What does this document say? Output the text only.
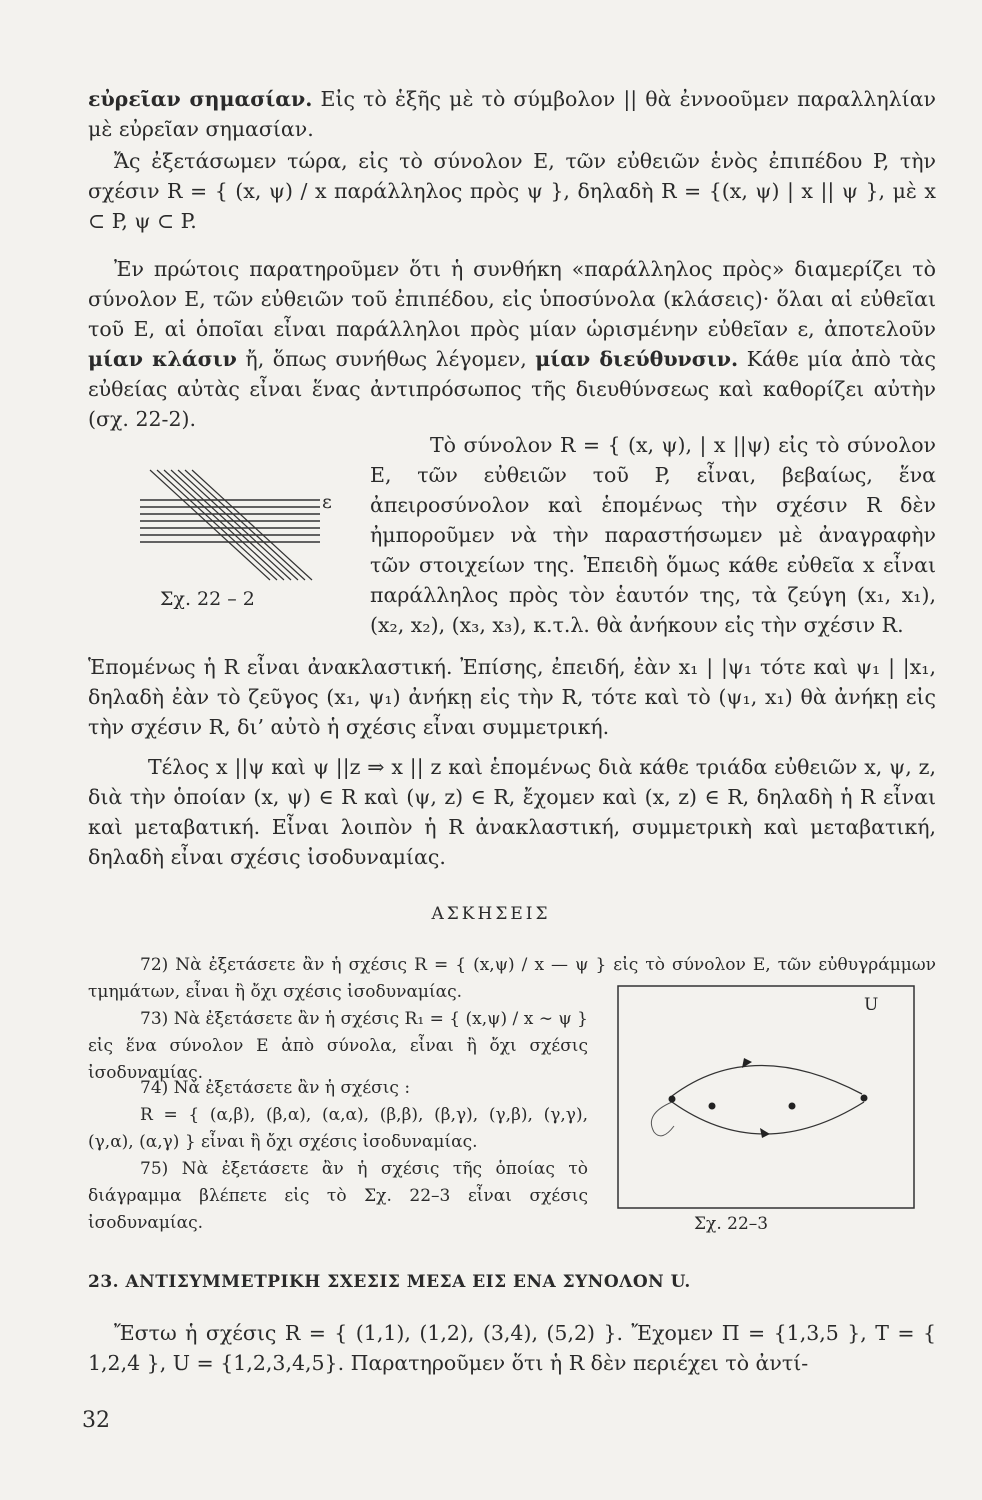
εὐρεῖαν σημασίαν. Εἰς τὸ ἑξῆς μὲ τὸ σύμβολον || θὰ ἐννοοῦμεν παραλληλίαν μὲ εὐρεῖαν σημασίαν.

Ἄς ἐξετάσωμεν τώρα, εἰς τὸ σύνολον E, τῶν εὐθειῶν ἑνὸς ἐπιπέδου P, τὴν σχέσιν R = { (x, ψ) / x παράλληλος πρὸς ψ }, δηλαδὴ R = {(x, ψ) | x || ψ }, μὲ x ⊂ P, ψ ⊂ P.

Ἐν πρώτοις παρατηροῦμεν ὅτι ἡ συνθήκη «παράλληλος πρὸς» διαμερίζει τὸ σύνολον E, τῶν εὐθειῶν τοῦ ἐπιπέδου, εἰς ὑποσύνολα (κλάσεις)· ὅλαι αἱ εὐθεῖαι τοῦ E, αἱ ὁποῖαι εἶναι παράλληλοι πρὸς μίαν ὡρισμένην εὐθεῖαν ε, ἀποτελοῦν μίαν κλάσιν ἤ, ὅπως συνήθως λέγομεν, μίαν διεύθυνσιν. Κάθε μία ἀπὸ τὰς εὐθείας αὐτὰς εἶναι ἕνας ἀντιπρόσωπος τῆς διευθύνσεως καὶ καθορίζει αὐτὴν (σχ. 22-2).

ε
Σχ. 22 – 2

Τὸ σύνολον R = { (x, ψ), | x ||ψ) εἰς τὸ σύνολον E, τῶν εὐθειῶν τοῦ P, εἶναι, βεβαίως, ἕνα ἀπειροσύνολον καὶ ἑπομένως τὴν σχέσιν R δὲν ἠμποροῦμεν νὰ τὴν παραστήσωμεν μὲ ἀναγραφὴν τῶν στοιχείων της. Ἐπειδὴ ὅμως κάθε εὐθεῖα x εἶναι παράλληλος πρὸς τὸν ἑαυτόν της, τὰ ζεύγη (x₁, x₁), (x₂, x₂), (x₃, x₃), κ.τ.λ. θὰ ἀνήκουν εἰς τὴν σχέσιν R.

Ἑπομένως ἡ R εἶναι ἀνακλαστική. Ἐπίσης, ἐπειδή, ἐὰν x₁ | |ψ₁ τότε καὶ ψ₁ | |x₁, δηλαδὴ ἐὰν τὸ ζεῦγος (x₁, ψ₁) ἀνήκῃ εἰς τὴν R, τότε καὶ τὸ (ψ₁, x₁) θὰ ἀνήκῃ εἰς τὴν σχέσιν R, δι’ αὐτὸ ἡ σχέσις εἶναι συμμετρική.

Τέλος x ||ψ καὶ ψ ||z ⇒ x || z καὶ ἑπομένως διὰ κάθε τριάδα εὐθειῶν x, ψ, z, διὰ τὴν ὁποίαν (x, ψ) ∈ R καὶ (ψ, z) ∈ R, ἔχομεν καὶ (x, z) ∈ R, δηλαδὴ ἡ R εἶναι καὶ μεταβατική. Εἶναι λοιπὸν ἡ R ἀνακλαστική, συμμετρικὴ καὶ μεταβατική, δηλαδὴ εἶναι σχέσις ἰσοδυναμίας.

ΑΣΚΗΣΕΙΣ

72) Νὰ ἐξετάσετε ἂν ἡ σχέσις R = { (x,ψ) / x — ψ } εἰς τὸ σύνολον E, τῶν εὐθυγράμμων τμημάτων, εἶναι ἢ ὄχι σχέσις ἰσοδυναμίας.

73) Νὰ ἐξετάσετε ἂν ἡ σχέσις R₁ = { (x,ψ) / x ∼ ψ } εἰς ἕνα σύνολον E ἀπὸ σύνολα, εἶναι ἢ ὄχι σχέσις ἰσοδυναμίας.

74) Νὰ ἐξετάσετε ἂν ἡ σχέσις :

R = { (α,β), (β,α), (α,α), (β,β), (β,γ), (γ,β), (γ,γ), (γ,α), (α,γ) } εἶναι ἢ ὄχι σχέσις ἰσοδυναμίας.

75) Νὰ ἐξετάσετε ἂν ἡ σχέσις τῆς ὁποίας τὸ διάγραμμα βλέπετε εἰς τὸ Σχ. 22–3 εἶναι σχέσις ἰσοδυναμίας.

U
Σχ. 22–3
23. ΑΝΤΙΣΥΜΜΕΤΡΙΚΗ ΣΧΕΣΙΣ ΜΕΣΑ ΕΙΣ ΕΝΑ ΣΥΝΟΛΟΝ U.

Ἔστω ἡ σχέσις R = { (1,1), (1,2), (3,4), (5,2) }. Ἔχομεν Π = {1,3,5 }, T = { 1,2,4 }, U = {1,2,3,4,5}. Παρατηροῦμεν ὅτι ἡ R δὲν περιέχει τὸ ἀντί-

32
